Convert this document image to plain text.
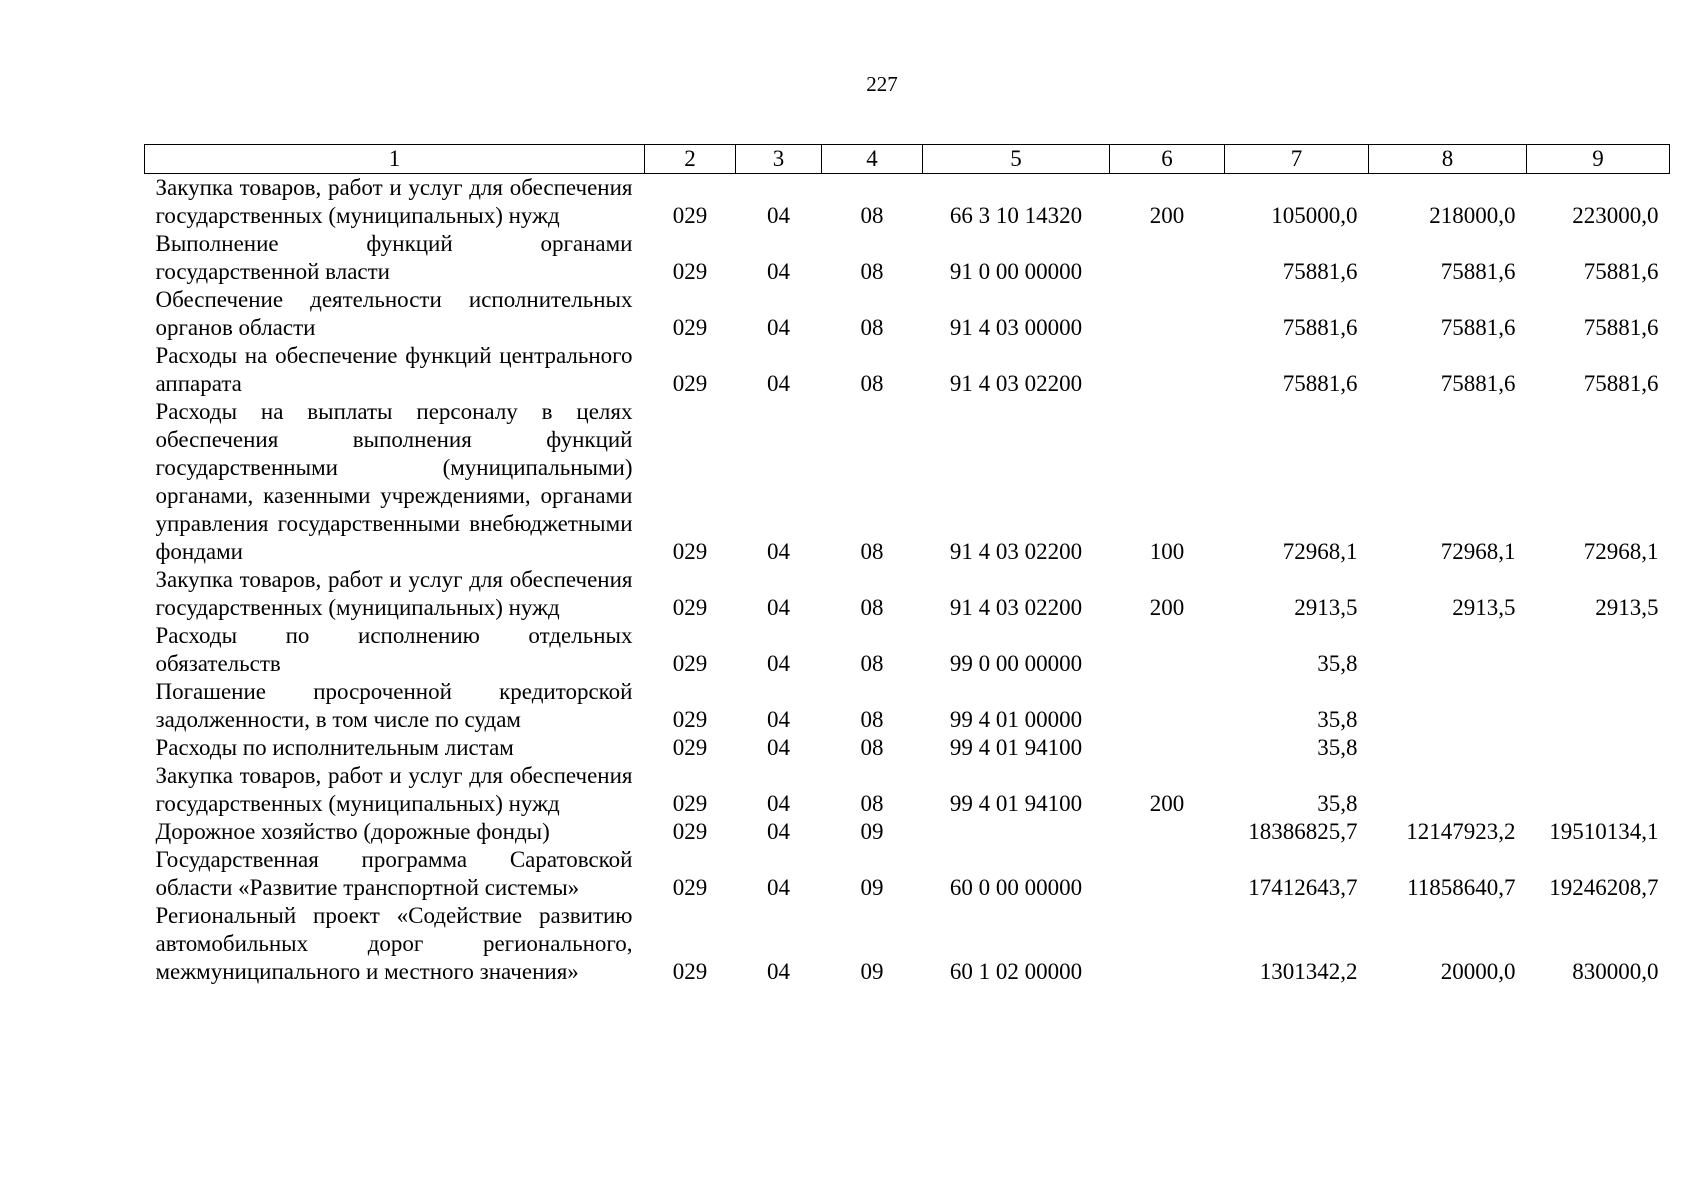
227
1	2	3	4	5	6	7	8	9
Закупка товаров, работ и услуг для обеспечения государственных (муниципальных) нужд	029	04	08	66 3 10 14320	200	105000,0	218000,0	223000,0
Выполнение функций органами государственной власти	029	04	08	91 0 00 00000		75881,6	75881,6	75881,6
Обеспечение деятельности исполнительных органов области	029	04	08	91 4 03 00000		75881,6	75881,6	75881,6
Расходы на обеспечение функций центрального аппарата	029	04	08	91 4 03 02200		75881,6	75881,6	75881,6
Расходы на выплаты персоналу в целях обеспечения выполнения функций государственными (муниципальными) органами, казенными учреждениями, органами управления государственными внебюджетными фондами	029	04	08	91 4 03 02200	100	72968,1	72968,1	72968,1
Закупка товаров, работ и услуг для обеспечения государственных (муниципальных) нужд	029	04	08	91 4 03 02200	200	2913,5	2913,5	2913,5
Расходы по исполнению отдельных обязательств	029	04	08	99 0 00 00000		35,8		
Погашение просроченной кредиторской задолженности, в том числе по судам	029	04	08	99 4 01 00000		35,8		
Расходы по исполнительным листам	029	04	08	99 4 01 94100		35,8		
Закупка товаров, работ и услуг для обеспечения государственных (муниципальных) нужд	029	04	08	99 4 01 94100	200	35,8		
Дорожное хозяйство (дорожные фонды)	029	04	09			18386825,7	12147923,2	19510134,1
Государственная программа Саратовской области «Развитие транспортной системы»	029	04	09	60 0 00 00000		17412643,7	11858640,7	19246208,7
Региональный проект «Содействие развитию автомобильных дорог регионального, межмуниципального и местного значения»	029	04	09	60 1 02 00000		1301342,2	20000,0	830000,0
